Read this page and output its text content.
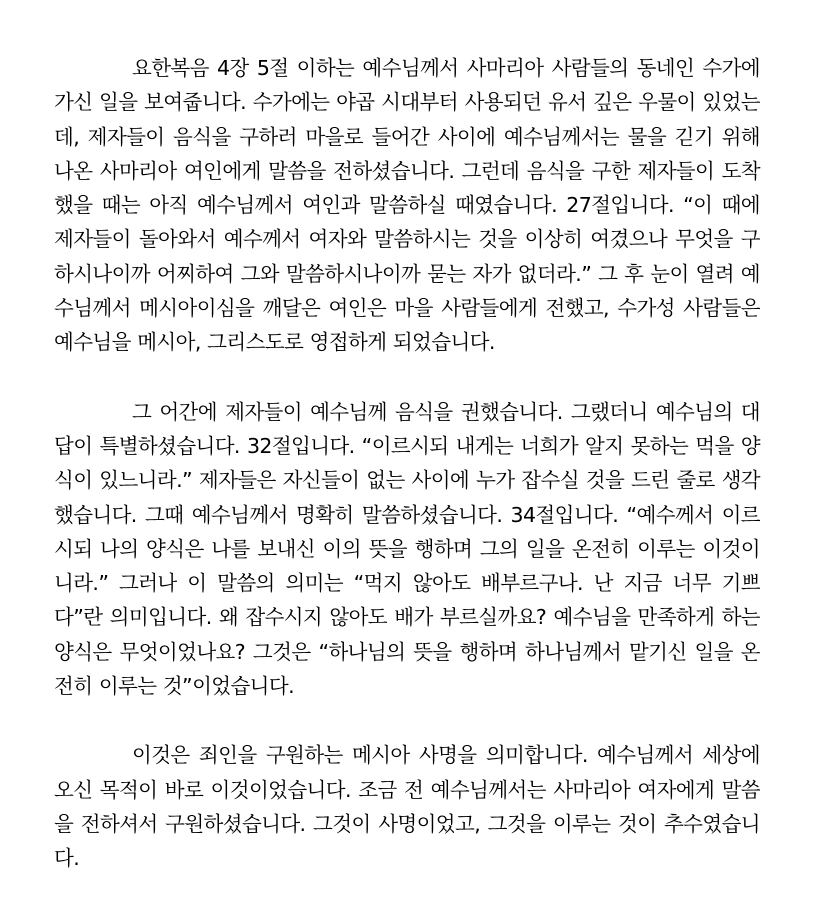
요한복음 4장 5절 이하는 예수님께서 사마리아 사람들의 동네인 수가에 가신 일을 보여줍니다. 수가에는 야곱 시대부터 사용되던 유서 깊은 우물이 있었는데, 제자들이 음식을 구하러 마을로 들어간 사이에 예수님께서는 물을 긷기 위해 나온 사마리아 여인에게 말씀을 전하셨습니다. 그런데 음식을 구한 제자들이 도착했을 때는 아직 예수님께서 여인과 말씀하실 때였습니다. 27절입니다. “이 때에 제자들이 돌아와서 예수께서 여자와 말씀하시는 것을 이상히 여겼으나 무엇을 구하시나이까 어찌하여 그와 말씀하시나이까 묻는 자가 없더라.” 그 후 눈이 열려 예수님께서 메시아이심을 깨달은 여인은 마을 사람들에게 전했고, 수가성 사람들은 예수님을 메시아, 그리스도로 영접하게 되었습니다.

그 어간에 제자들이 예수님께 음식을 권했습니다. 그랬더니 예수님의 대답이 특별하셨습니다. 32절입니다. “이르시되 내게는 너희가 알지 못하는 먹을 양식이 있느니라.” 제자들은 자신들이 없는 사이에 누가 잡수실 것을 드린 줄로 생각했습니다. 그때 예수님께서 명확히 말씀하셨습니다. 34절입니다. “예수께서 이르시되 나의 양식은 나를 보내신 이의 뜻을 행하며 그의 일을 온전히 이루는 이것이니라.” 그러나 이 말씀의 의미는 “먹지 않아도 배부르구나. 난 지금 너무 기쁘다”란 의미입니다. 왜 잡수시지 않아도 배가 부르실까요? 예수님을 만족하게 하는 양식은 무엇이었나요? 그것은 “하나님의 뜻을 행하며 하나님께서 맡기신 일을 온전히 이루는 것”이었습니다.

이것은 죄인을 구원하는 메시아 사명을 의미합니다. 예수님께서 세상에 오신 목적이 바로 이것이었습니다. 조금 전 예수님께서는 사마리아 여자에게 말씀을 전하셔서 구원하셨습니다. 그것이 사명이었고, 그것을 이루는 것이 추수였습니다.
